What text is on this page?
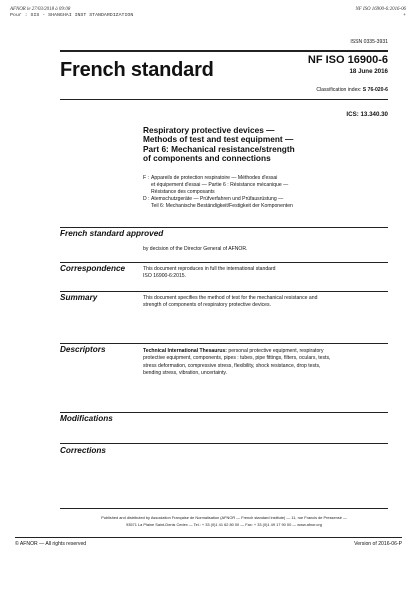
AFNOR le 27/03/2018 à 09:08
Pour : SIS - SHANGHAI INST STANDARDIZATION
NF ISO 16900-6:2016-06
+
ISSN 0335-3931
French standard	NF ISO 16900-6
18 June 2016
Classification index: S 76-020-6
ICS: 13.340.30
Respiratory protective devices —
Methods of test and test equipment —
Part 6: Mechanical resistance/strength
of components and connections
F : Appareils de protection respiratoire — Méthodes d'essai
et équipement d'essai — Partie 6 : Résistance mécanique —
Résistance des composants
D : Atemschutzgeräte — Prüfverfahren und Prüfausrüstung —
Teil 6: Mechanische Beständigkeit/Festigkeit der Komponenten
French standard approved
by decision of the Director General of AFNOR.
Correspondence	This document reproduces in full the international standard
ISO 16900-6:2015.
Summary	This document specifies the method of test for the mechanical resistance and
strength of components of respiratory protective devices.
Descriptors	Technical International Thesaurus: personal protective equipment, respiratory
protective equipment, components, pipes : tubes, pipe fittings, filters, oculars, tests,
stress deformation, compressive stress, flexibility, shock resistance, drop tests,
bending stress, vibration, uncertainty.
Modifications
Corrections
Published and distributed by Association Française de Normalisation (AFNOR — French standard institute) — 11, rue Francis de Pressensé —
93571 La Plaine Saint-Denis Cedex — Tel.: + 33 (0)1 41 62 80 00 — Fax: + 33 (0)1 49 17 90 00 — www.afnor.org
© AFNOR — All rights reserved	Version of 2016-06-P
